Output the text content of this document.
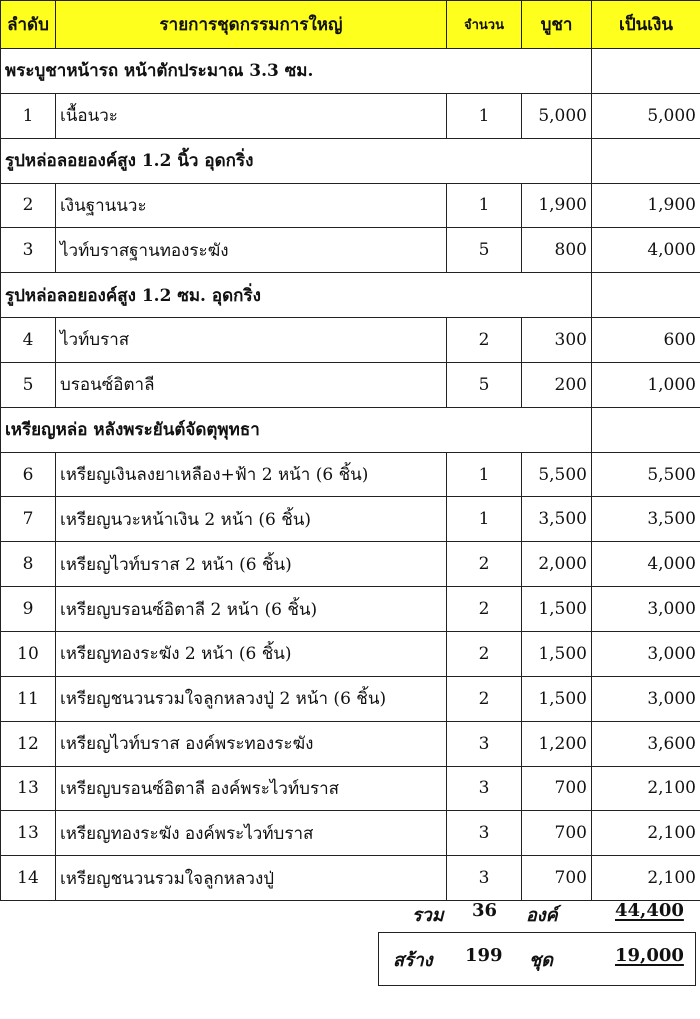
ลำดับ	รายการชุดกรรมการใหญ่	จำนวน	บูชา	เป็นเงิน
พระบูชาหน้ารถ หน้าตักประมาณ 3.3 ซม.				
1	เนื้อนวะ	1	5,000	5,000
รูปหล่อลอยองค์สูง 1.2 นิ้ว อุดกริ่ง				
2	เงินฐานนวะ	1	1,900	1,900
3	ไวท์บราสฐานทองระฆัง	5	800	4,000
รูปหล่อลอยองค์สูง 1.2 ซม. อุดกริ่ง				
4	ไวท์บราส	2	300	600
5	บรอนซ์อิตาลี	5	200	1,000
เหรียญหล่อ หลังพระยันต์จัดตุพุทธา				
6	เหรียญเงินลงยาเหลือง+ฟ้า 2 หน้า (6 ชิ้น)	1	5,500	5,500
7	เหรียญนวะหน้าเงิน 2 หน้า (6 ชิ้น)	1	3,500	3,500
8	เหรียญไวท์บราส 2 หน้า (6 ชิ้น)	2	2,000	4,000
9	เหรียญบรอนซ์อิตาลี 2 หน้า (6 ชิ้น)	2	1,500	3,000
10	เหรียญทองระฆัง 2 หน้า (6 ชิ้น)	2	1,500	3,000
11	เหรียญชนวนรวมใจลูกหลวงปู่ 2 หน้า (6 ชิ้น)	2	1,500	3,000
12	เหรียญไวท์บราส องค์พระทองระฆัง	3	1,200	3,600
13	เหรียญบรอนซ์อิตาลี องค์พระไวท์บราส	3	700	2,100
13	เหรียญทองระฆัง องค์พระไวท์บราส	3	700	2,100
14	เหรียญชนวนรวมใจลูกหลวงปู่	3	700	2,100
รวม 36 องค์	44,400
สร้าง 199 ชุด	19,000
